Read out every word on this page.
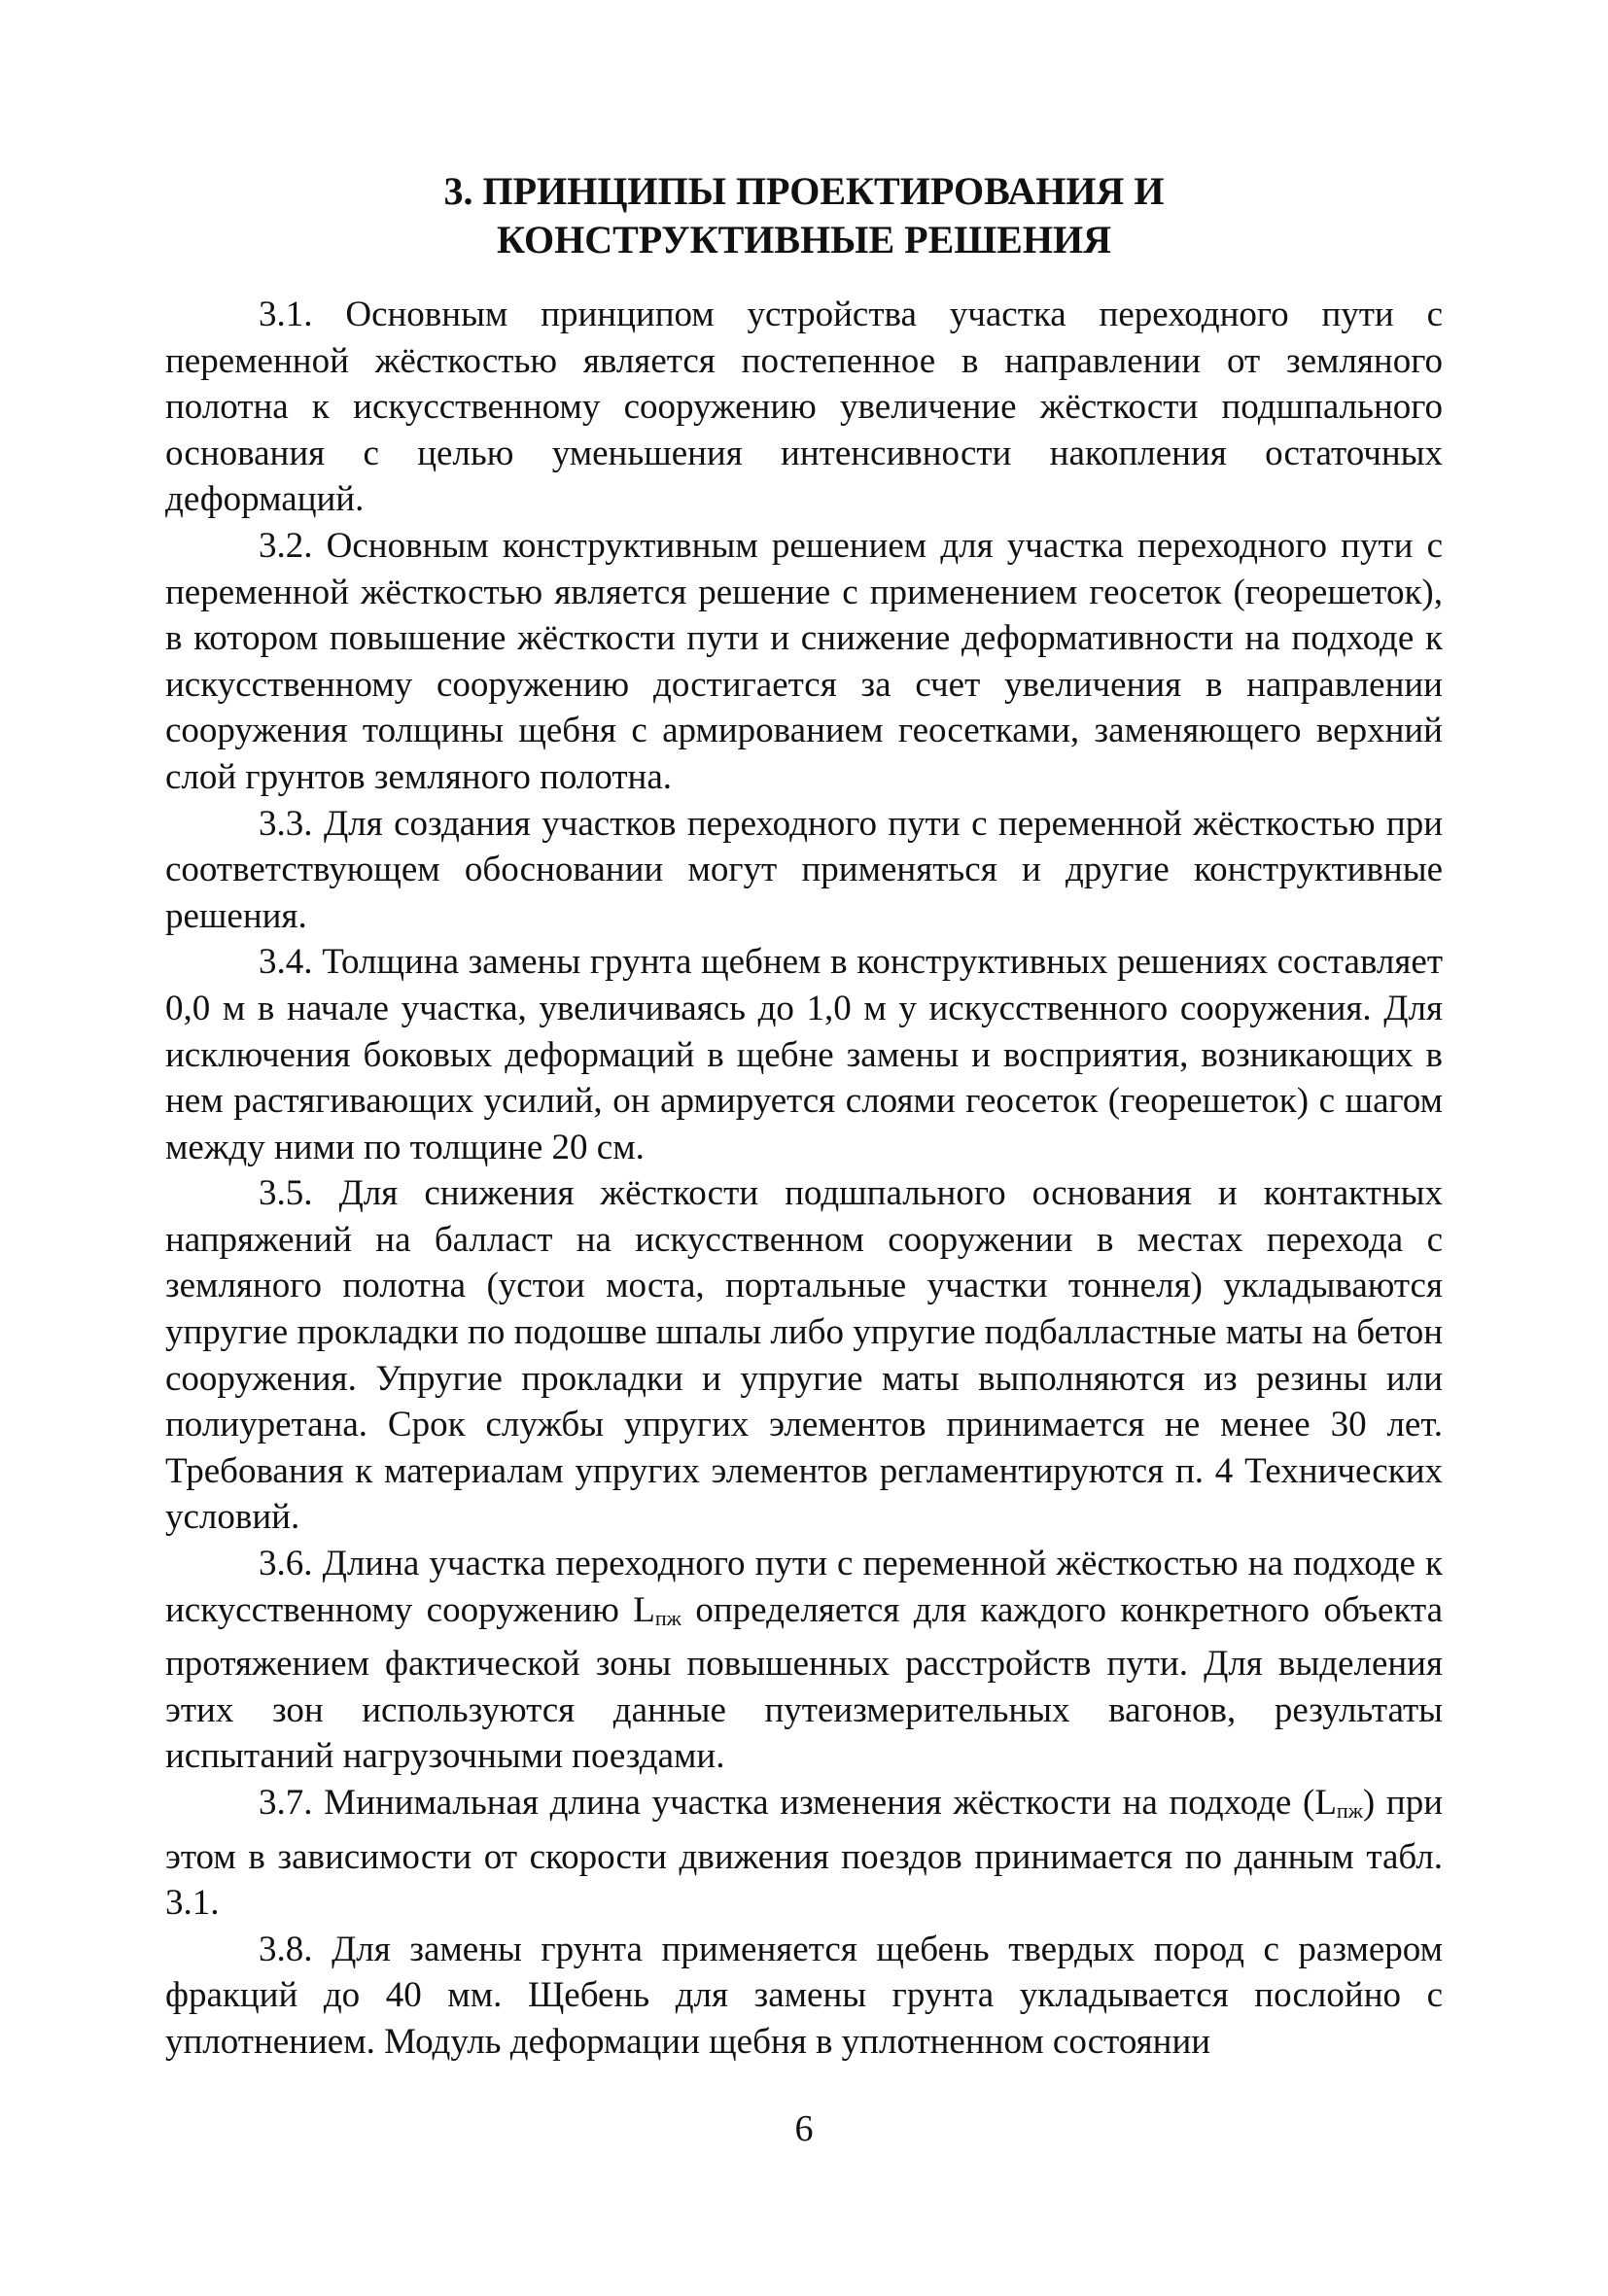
3. ПРИНЦИПЫ ПРОЕКТИРОВАНИЯ И
КОНСТРУКТИВНЫЕ РЕШЕНИЯ

3.1. Основным принципом устройства участка переходного пути с переменной жёсткостью является постепенное в направлении от земляного полотна к искусственному сооружению увеличение жёсткости подшпального основания с целью уменьшения интенсивности накопления остаточных деформаций.

3.2. Основным конструктивным решением для участка переходного пути с переменной жёсткостью является решение с применением геосеток (георешеток), в котором повышение жёсткости пути и снижение деформативности на подходе к искусственному сооружению достигается за счет увеличения в направлении сооружения толщины щебня с армированием геосетками, заменяющего верхний слой грунтов земляного полотна.

3.3. Для создания участков переходного пути с переменной жёсткостью при соответствующем обосновании могут применяться и другие конструктивные решения.

3.4. Толщина замены грунта щебнем в конструктивных решениях составляет 0,0 м в начале участка, увеличиваясь до 1,0 м у искусственного сооружения. Для исключения боковых деформаций в щебне замены и восприятия, возникающих в нем растягивающих усилий, он армируется слоями геосеток (георешеток) с шагом между ними по толщине 20 см.

3.5. Для снижения жёсткости подшпального основания и контактных напряжений на балласт на искусственном сооружении в местах перехода с земляного полотна (устои моста, портальные участки тоннеля) укладываются упругие прокладки по подошве шпалы либо упругие подбалластные маты на бетон сооружения. Упругие прокладки и упругие маты выполняются из резины или полиуретана. Срок службы упругих элементов принимается не менее 30 лет. Требования к материалам упругих элементов регламентируются п. 4 Технических условий.

3.6. Длина участка переходного пути с переменной жёсткостью на подходе к искусственному сооружению Lпж определяется для каждого конкретного объекта протяжением фактической зоны повышенных расстройств пути. Для выделения этих зон используются данные путеизмерительных вагонов, результаты испытаний нагрузочными поездами.

3.7. Минимальная длина участка изменения жёсткости на подходе (Lпж) при этом в зависимости от скорости движения поездов принимается по данным табл. 3.1.

3.8. Для замены грунта применяется щебень твердых пород с размером фракций до 40 мм. Щебень для замены грунта укладывается послойно с уплотнением. Модуль деформации щебня в уплотненном состоянии

6
